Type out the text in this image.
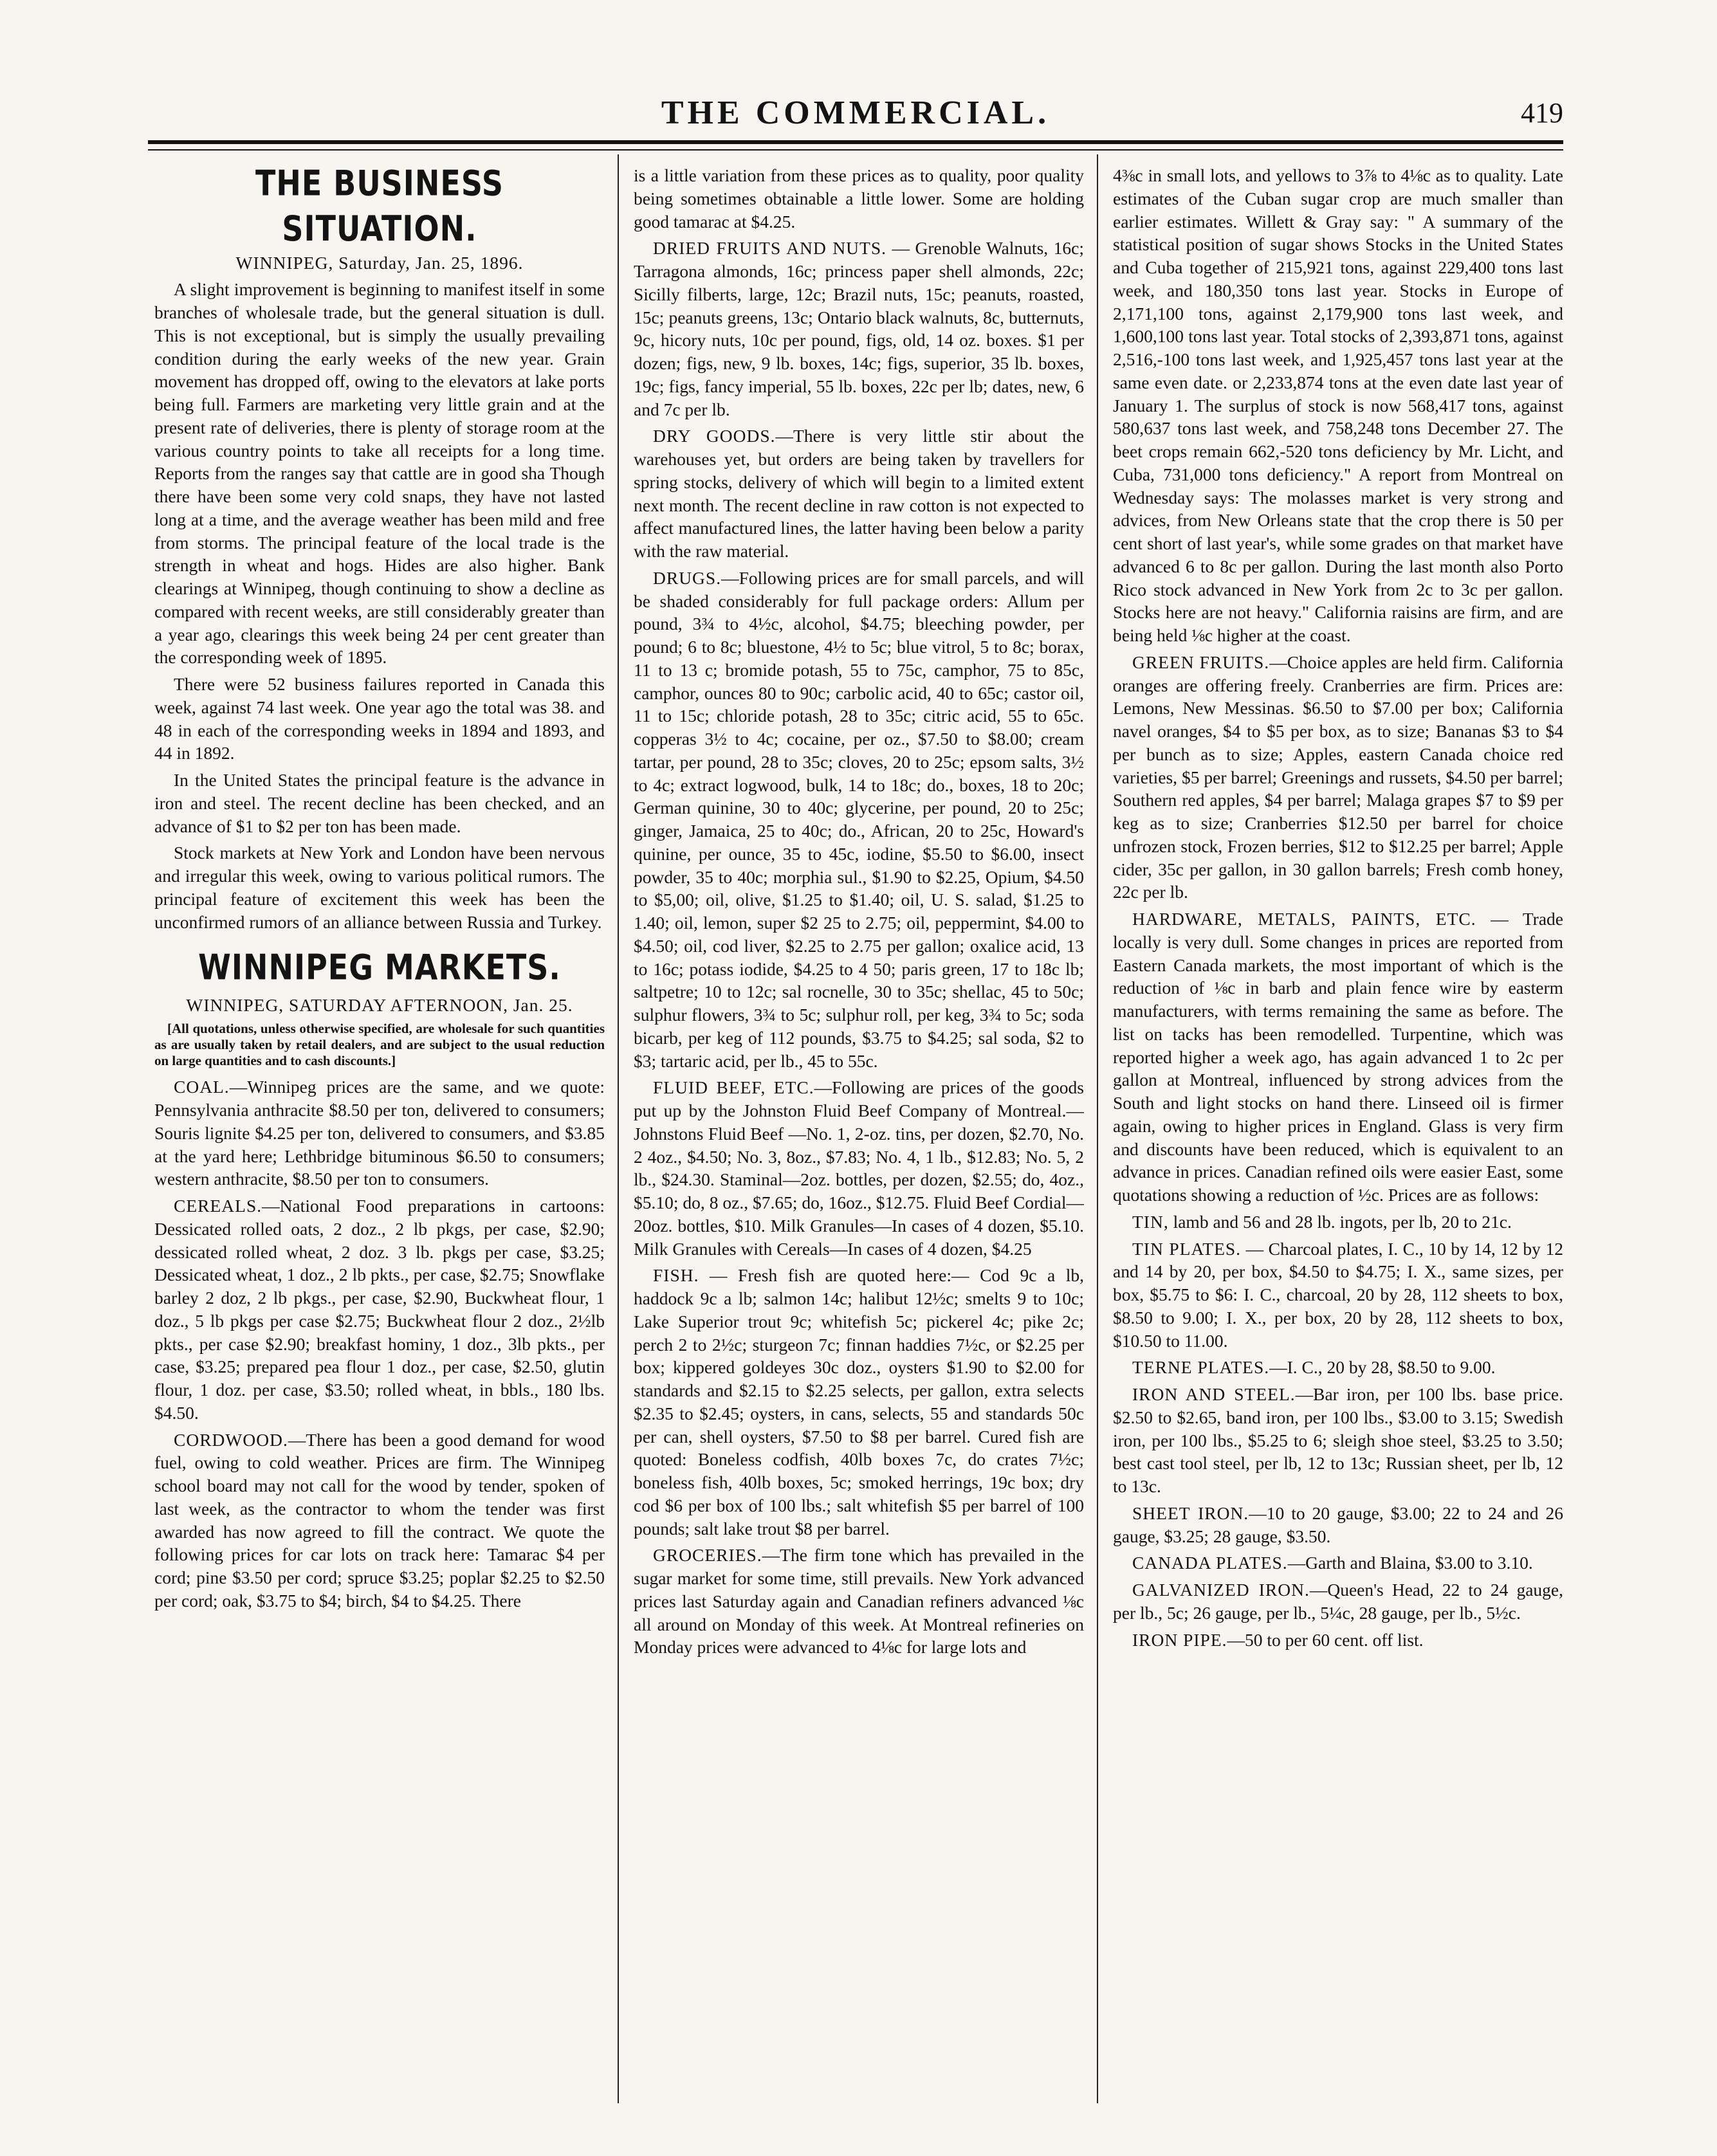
THE COMMERCIAL.	419
THE BUSINESS SITUATION.
WINNIPEG, Saturday, Jan. 25, 1896.

A slight improvement is beginning to manifest itself in some branches of wholesale trade, but the general situation is dull. This is not exceptional, but is simply the usually prevailing condition during the early weeks of the new year. Grain movement has dropped off, owing to the elevators at lake ports being full. Farmers are marketing very little grain and at the present rate of deliveries, there is plenty of storage room at the various country points to take all receipts for a long time. Reports from the ranges say that cattle are in good sha Though there have been some very cold snaps, they have not lasted long at a time, and the average weather has been mild and free from storms. The principal feature of the local trade is the strength in wheat and hogs. Hides are also higher. Bank clearings at Winnipeg, though continuing to show a decline as compared with recent weeks, are still considerably greater than a year ago, clearings this week being 24 per cent greater than the corresponding week of 1895.

There were 52 business failures reported in Canada this week, against 74 last week. One year ago the total was 38. and 48 in each of the corresponding weeks in 1894 and 1893, and 44 in 1892.

In the United States the principal feature is the advance in iron and steel. The recent decline has been checked, and an advance of $1 to $2 per ton has been made.

Stock markets at New York and London have been nervous and irregular this week, owing to various political rumors. The principal feature of excitement this week has been the unconfirmed rumors of an alliance between Russia and Turkey.

WINNIPEG MARKETS.
WINNIPEG, SATURDAY AFTERNOON, Jan. 25.
[All quotations, unless otherwise specified, are wholesale for such quantities as are usually taken by retail dealers, and are subject to the usual reduction on large quantities and to cash discounts.]

COAL.—Winnipeg prices are the same, and we quote: Pennsylvania anthracite $8.50 per ton, delivered to consumers; Souris lignite $4.25 per ton, delivered to consumers, and $3.85 at the yard here; Lethbridge bituminous $6.50 to consumers; western anthracite, $8.50 per ton to consumers.

CEREALS.—National Food preparations in cartoons: Dessicated rolled oats, 2 doz., 2 lb pkgs, per case, $2.90; dessicated rolled wheat, 2 doz. 3 lb. pkgs per case, $3.25; Dessicated wheat, 1 doz., 2 lb pkts., per case, $2.75; Snowflake barley 2 doz, 2 lb pkgs., per case, $2.90, Buckwheat flour, 1 doz., 5 lb pkgs per case $2.75; Buckwheat flour 2 doz., 2½lb pkts., per case $2.90; breakfast hominy, 1 doz., 3lb pkts., per case, $3.25; prepared pea flour 1 doz., per case, $2.50, glutin flour, 1 doz. per case, $3.50; rolled wheat, in bbls., 180 lbs. $4.50.

CORDWOOD.—There has been a good demand for wood fuel, owing to cold weather. Prices are firm. The Winnipeg school board may not call for the wood by tender, spoken of last week, as the contractor to whom the tender was first awarded has now agreed to fill the contract. We quote the following prices for car lots on track here: Tamarac $4 per cord; pine $3.50 per cord; spruce $3.25; poplar $2.25 to $2.50 per cord; oak, $3.75 to $4; birch, $4 to $4.25. There

is a little variation from these prices as to quality, poor quality being sometimes obtainable a little lower. Some are holding good tamarac at $4.25.

DRIED FRUITS AND NUTS. — Grenoble Walnuts, 16c; Tarragona almonds, 16c; princess paper shell almonds, 22c; Sicilly filberts, large, 12c; Brazil nuts, 15c; peanuts, roasted, 15c; peanuts greens, 13c; Ontario black walnuts, 8c, butternuts, 9c, hicory nuts, 10c per pound, figs, old, 14 oz. boxes. $1 per dozen; figs, new, 9 lb. boxes, 14c; figs, superior, 35 lb. boxes, 19c; figs, fancy imperial, 55 lb. boxes, 22c per lb; dates, new, 6 and 7c per lb.

DRY GOODS.—There is very little stir about the warehouses yet, but orders are being taken by travellers for spring stocks, delivery of which will begin to a limited extent next month. The recent decline in raw cotton is not expected to affect manufactured lines, the latter having been below a parity with the raw material.

DRUGS.—Following prices are for small parcels, and will be shaded considerably for full package orders: Allum per pound, 3¾ to 4½c, alcohol, $4.75; bleeching powder, per pound; 6 to 8c; bluestone, 4½ to 5c; blue vitrol, 5 to 8c; borax, 11 to 13 c; bromide potash, 55 to 75c, camphor, 75 to 85c, camphor, ounces 80 to 90c; carbolic acid, 40 to 65c; castor oil, 11 to 15c; chloride potash, 28 to 35c; citric acid, 55 to 65c. copperas 3½ to 4c; cocaine, per oz., $7.50 to $8.00; cream tartar, per pound, 28 to 35c; cloves, 20 to 25c; epsom salts, 3½ to 4c; extract logwood, bulk, 14 to 18c; do., boxes, 18 to 20c; German quinine, 30 to 40c; glycerine, per pound, 20 to 25c; ginger, Jamaica, 25 to 40c; do., African, 20 to 25c, Howard's quinine, per ounce, 35 to 45c, iodine, $5.50 to $6.00, insect powder, 35 to 40c; morphia sul., $1.90 to $2.25, Opium, $4.50 to $5,00; oil, olive, $1.25 to $1.40; oil, U. S. salad, $1.25 to 1.40; oil, lemon, super $2 25 to 2.75; oil, peppermint, $4.00 to $4.50; oil, cod liver, $2.25 to 2.75 per gallon; oxalice acid, 13 to 16c; potass iodide, $4.25 to 4 50; paris green, 17 to 18c lb; saltpetre; 10 to 12c; sal rocnelle, 30 to 35c; shellac, 45 to 50c; sulphur flowers, 3¾ to 5c; sulphur roll, per keg, 3¾ to 5c; soda bicarb, per keg of 112 pounds, $3.75 to $4.25; sal soda, $2 to $3; tartaric acid, per lb., 45 to 55c.

FLUID BEEF, ETC.—Following are prices of the goods put up by the Johnston Fluid Beef Company of Montreal.—Johnstons Fluid Beef —No. 1, 2-oz. tins, per dozen, $2.70, No. 2 4oz., $4.50; No. 3, 8oz., $7.83; No. 4, 1 lb., $12.83; No. 5, 2 lb., $24.30. Staminal—2oz. bottles, per dozen, $2.55; do, 4oz., $5.10; do, 8 oz., $7.65; do, 16oz., $12.75. Fluid Beef Cordial—20oz. bottles, $10. Milk Granules—In cases of 4 dozen, $5.10. Milk Granules with Cereals—In cases of 4 dozen, $4.25

FISH. — Fresh fish are quoted here:— Cod 9c a lb, haddock 9c a lb; salmon 14c; halibut 12½c; smelts 9 to 10c; Lake Superior trout 9c; whitefish 5c; pickerel 4c; pike 2c; perch 2 to 2½c; sturgeon 7c; finnan haddies 7½c, or $2.25 per box; kippered goldeyes 30c doz., oysters $1.90 to $2.00 for standards and $2.15 to $2.25 selects, per gallon, extra selects $2.35 to $2.45; oysters, in cans, selects, 55 and standards 50c per can, shell oysters, $7.50 to $8 per barrel. Cured fish are quoted: Boneless codfish, 40lb boxes 7c, do crates 7½c; boneless fish, 40lb boxes, 5c; smoked herrings, 19c box; dry cod $6 per box of 100 lbs.; salt whitefish $5 per barrel of 100 pounds; salt lake trout $8 per barrel.

GROCERIES.—The firm tone which has prevailed in the sugar market for some time, still prevails. New York advanced prices last Saturday again and Canadian refiners advanced ⅛c all around on Monday of this week. At Montreal refineries on Monday prices were advanced to 4⅛c for large lots and

4⅜c in small lots, and yellows to 3⅞ to 4⅛c as to quality. Late estimates of the Cuban sugar crop are much smaller than earlier estimates. Willett & Gray say: " A summary of the statistical position of sugar shows Stocks in the United States and Cuba together of 215,921 tons, against 229,400 tons last week, and 180,350 tons last year. Stocks in Europe of 2,171,100 tons, against 2,179,900 tons last week, and 1,600,100 tons last year. Total stocks of 2,393,871 tons, against 2,516,-100 tons last week, and 1,925,457 tons last year at the same even date. or 2,233,874 tons at the even date last year of January 1. The surplus of stock is now 568,417 tons, against 580,637 tons last week, and 758,248 tons December 27. The beet crops remain 662,-520 tons deficiency by Mr. Licht, and Cuba, 731,000 tons deficiency." A report from Montreal on Wednesday says: The molasses market is very strong and advices, from New Orleans state that the crop there is 50 per cent short of last year's, while some grades on that market have advanced 6 to 8c per gallon. During the last month also Porto Rico stock advanced in New York from 2c to 3c per gallon. Stocks here are not heavy." California raisins are firm, and are being held ⅛c higher at the coast.

GREEN FRUITS.—Choice apples are held firm. California oranges are offering freely. Cranberries are firm. Prices are: Lemons, New Messinas. $6.50 to $7.00 per box; California navel oranges, $4 to $5 per box, as to size; Bananas $3 to $4 per bunch as to size; Apples, eastern Canada choice red varieties, $5 per barrel; Greenings and russets, $4.50 per barrel; Southern red apples, $4 per barrel; Malaga grapes $7 to $9 per keg as to size; Cranberries $12.50 per barrel for choice unfrozen stock, Frozen berries, $12 to $12.25 per barrel; Apple cider, 35c per gallon, in 30 gallon barrels; Fresh comb honey, 22c per lb.

HARDWARE, METALS, PAINTS, ETC. — Trade locally is very dull. Some changes in prices are reported from Eastern Canada markets, the most important of which is the reduction of ⅛c in barb and plain fence wire by easterm manufacturers, with terms remaining the same as before. The list on tacks has been remodelled. Turpentine, which was reported higher a week ago, has again advanced 1 to 2c per gallon at Montreal, influenced by strong advices from the South and light stocks on hand there. Linseed oil is firmer again, owing to higher prices in England. Glass is very firm and discounts have been reduced, which is equivalent to an advance in prices. Canadian refined oils were easier East, some quotations showing a reduction of ½c. Prices are as follows:

TIN, lamb and 56 and 28 lb. ingots, per lb, 20 to 21c.

TIN PLATES. — Charcoal plates, I. C., 10 by 14, 12 by 12 and 14 by 20, per box, $4.50 to $4.75; I. X., same sizes, per box, $5.75 to $6: I. C., charcoal, 20 by 28, 112 sheets to box, $8.50 to 9.00; I. X., per box, 20 by 28, 112 sheets to box, $10.50 to 11.00.

TERNE PLATES.—I. C., 20 by 28, $8.50 to 9.00.

IRON AND STEEL.—Bar iron, per 100 lbs. base price. $2.50 to $2.65, band iron, per 100 lbs., $3.00 to 3.15; Swedish iron, per 100 lbs., $5.25 to 6; sleigh shoe steel, $3.25 to 3.50; best cast tool steel, per lb, 12 to 13c; Russian sheet, per lb, 12 to 13c.

SHEET IRON.—10 to 20 gauge, $3.00; 22 to 24 and 26 gauge, $3.25; 28 gauge, $3.50.

CANADA PLATES.—Garth and Blaina, $3.00 to 3.10.

GALVANIZED IRON.—Queen's Head, 22 to 24 gauge, per lb., 5c; 26 gauge, per lb., 5¼c, 28 gauge, per lb., 5½c.

IRON PIPE.—50 to per 60 cent. off list.
